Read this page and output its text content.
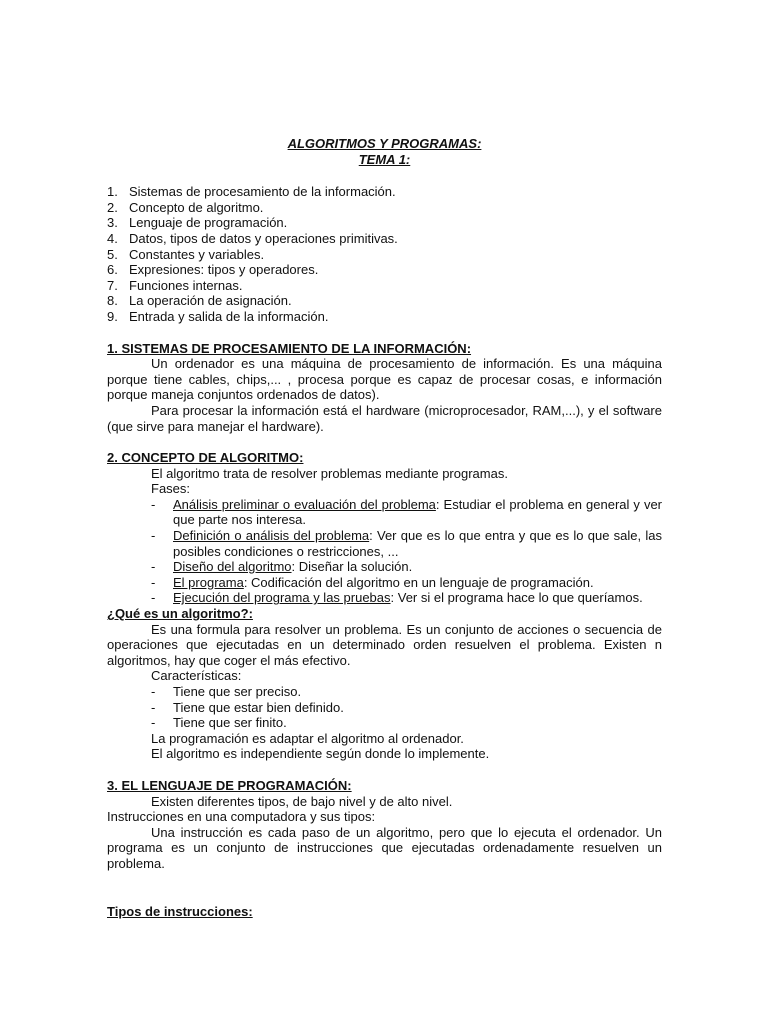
ALGORITMOS Y PROGRAMAS:
TEMA 1:
1. Sistemas de procesamiento de la información.
2. Concepto de algoritmo.
3. Lenguaje de programación.
4. Datos, tipos de datos y operaciones primitivas.
5. Constantes y variables.
6. Expresiones: tipos y operadores.
7. Funciones internas.
8. La operación de asignación.
9. Entrada y salida de la información.
1. SISTEMAS DE PROCESAMIENTO DE LA INFORMACIÓN:

Un ordenador es una máquina de procesamiento de información. Es una máquina porque tiene cables, chips,... , procesa porque es capaz de procesar cosas, e información porque maneja conjuntos ordenados de datos).

Para procesar la información está el hardware (microprocesador, RAM,...), y el software (que sirve para manejar el hardware).

2. CONCEPTO DE ALGORITMO:

El algoritmo trata de resolver problemas mediante programas.

Fases:

-	Análisis preliminar o evaluación del problema: Estudiar el problema en general y ver que parte nos interesa.
-	Definición o análisis del problema: Ver que es lo que entra y que es lo que sale, las posibles condiciones o restricciones, ...
-	Diseño del algoritmo: Diseñar la solución.
-	El programa: Codificación del algoritmo en un lenguaje de programación.
-	Ejecución del programa y las pruebas: Ver si el programa hace lo que queríamos.
¿Qué es un algoritmo?:

Es una formula para resolver un problema. Es un conjunto de acciones o secuencia de operaciones que ejecutadas en un determinado orden resuelven el problema. Existen n algoritmos, hay que coger el más efectivo.

Características:

-	Tiene que ser preciso.
-	Tiene que estar bien definido.
-	Tiene que ser finito.

La programación es adaptar el algoritmo al ordenador.

El algoritmo es independiente según donde lo implemente.

3. EL LENGUAJE DE PROGRAMACIÓN:

Existen diferentes tipos, de bajo nivel y de alto nivel.

Instrucciones en una computadora y sus tipos:

Una instrucción es cada paso de un algoritmo, pero que lo ejecuta el ordenador. Un programa es un conjunto de instrucciones que ejecutadas ordenadamente resuelven un problema.

Tipos de instrucciones:
